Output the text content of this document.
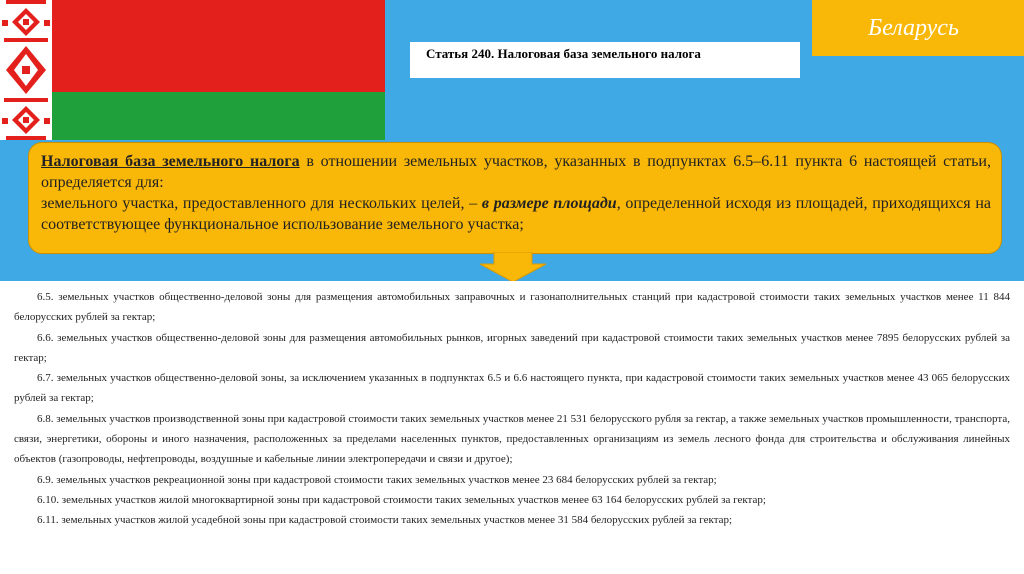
Беларусь
Статья 240. Налоговая база земельного налога
Налоговая база земельного налога в отношении земельных участков, указанных в подпунктах 6.5–6.11 пункта 6 настоящей статьи, определяется для:
земельного участка, предоставленного для нескольких целей, – в размере площади, определенной исходя из площадей, приходящихся на соответствующее функциональное использование земельного участка;

6.5. земельных участков общественно-деловой зоны для размещения автомобильных заправочных и газонаполнительных станций при кадастровой стоимости таких земельных участков менее 11 844 белорусских рублей за гектар;

6.6. земельных участков общественно-деловой зоны для размещения автомобильных рынков, игорных заведений при кадастровой стоимости таких земельных участков менее 7895 белорусских рублей за гектар;

6.7. земельных участков общественно-деловой зоны, за исключением указанных в подпунктах 6.5 и 6.6 настоящего пункта, при кадастровой стоимости таких земельных участков менее 43 065 белорусских рублей за гектар;

6.8. земельных участков производственной зоны при кадастровой стоимости таких земельных участков менее 21 531 белорусского рубля за гектар, а также земельных участков промышленности, транспорта, связи, энергетики, обороны и иного назначения, расположенных за пределами населенных пунктов, предоставленных организациям из земель лесного фонда для строительства и обслуживания линейных объектов (газопроводы, нефтепроводы, воздушные и кабельные линии электропередачи и связи и другое);

6.9. земельных участков рекреационной зоны при кадастровой стоимости таких земельных участков менее 23 684 белорусских рублей за гектар;

6.10. земельных участков жилой многоквартирной зоны при кадастровой стоимости таких земельных участков менее 63 164 белорусских рублей за гектар;

6.11. земельных участков жилой усадебной зоны при кадастровой стоимости таких земельных участков менее 31 584 белорусских рублей за гектар;
